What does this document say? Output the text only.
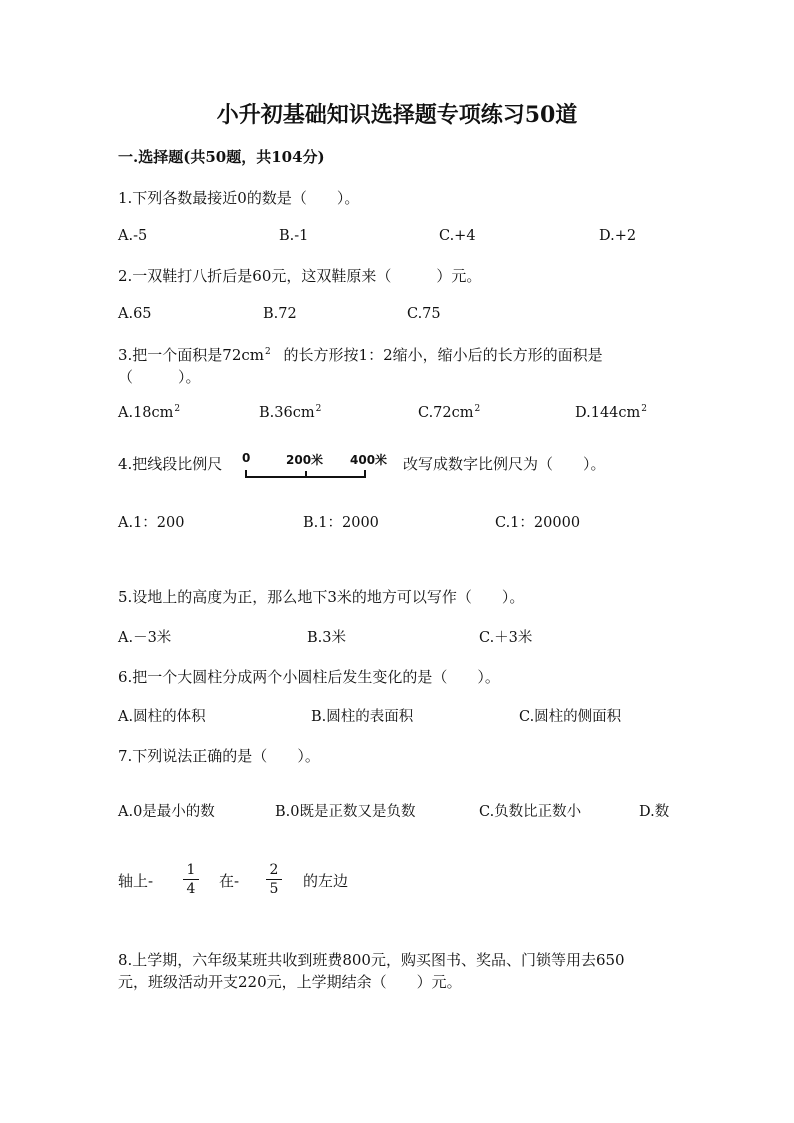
小升初基础知识选择题专项练习50道
一.选择题(共50题，共104分)
1.下列各数最接近0的数是（　　）。
A.-5	B.-1	C.+4	D.+2
2.一双鞋打八折后是60元，这双鞋原来（　　　）元。
A.65	B.72	C.75
3.把一个面积是$72cm^2$ 的长方形按1：2缩小，缩小后的长方形的面积是
（　　　）。
$A.18cm^2$	$B.36cm^2$	$C.72cm^2$	$D.144cm^2$
4.把线段比例尺 0	200米 400米 改写成数字比例尺为（　　）。
A.1：200	B.1：2000	C.1：20000
5.设地上的高度为正，那么地下3米的地方可以写作（　　）。
A.－3米	B.3米	C.＋3米
6.把一个大圆柱分成两个小圆柱后发生变化的是（　　）。
A.圆柱的体积	B.圆柱的表面积	C.圆柱的侧面积
7.下列说法正确的是（　　）。
A.0是最小的数	B.0既是正数又是负数	C.负数比正数小	D.数
轴上-
1
4 在-
2
5 的左边
8.上学期，六年级某班共收到班费800元，购买图书、奖品、门锁等用去650
元，班级活动开支220元，上学期结余（　　）元。
